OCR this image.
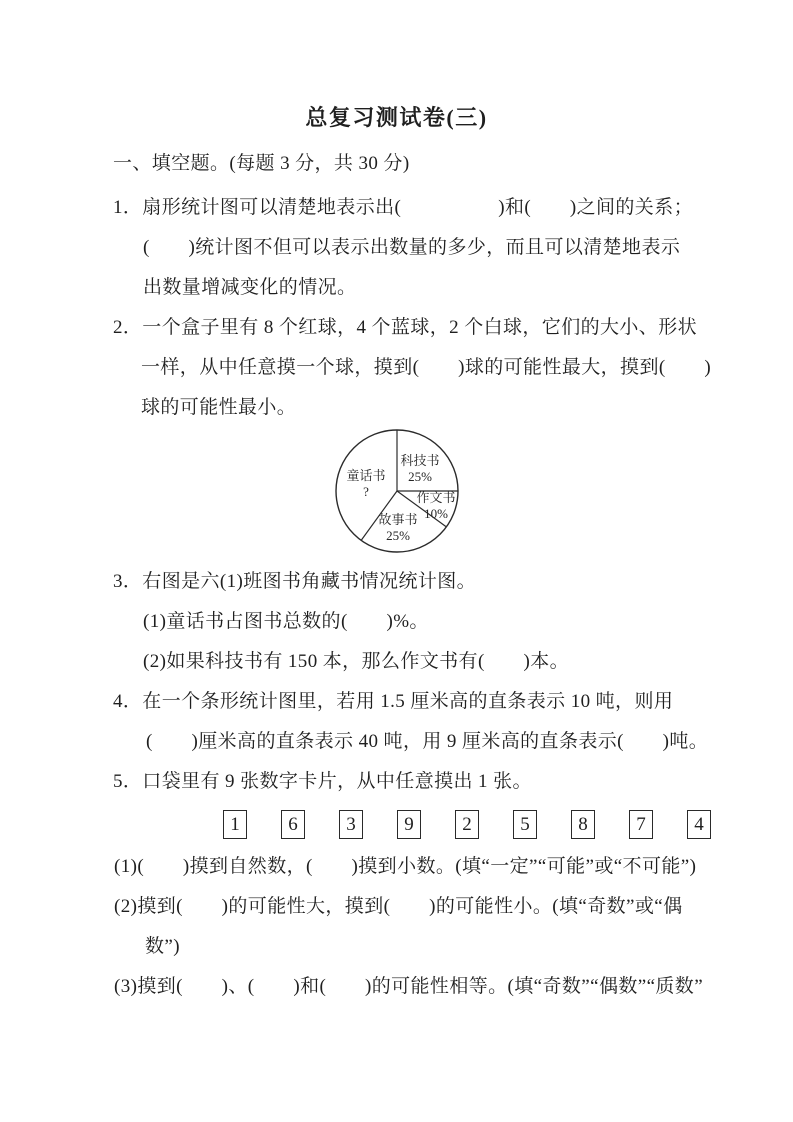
总复习测试卷(三)
一、填空题。(每题 3 分，共 30 分)
1．扇形统计图可以清楚地表示出(　　　　　)和(　　)之间的关系；
(　　)统计图不但可以表示出数量的多少，而且可以清楚地表示
出数量增减变化的情况。
2．一个盒子里有 8 个红球，4 个蓝球，2 个白球，它们的大小、形状
一样，从中任意摸一个球，摸到(　　)球的可能性最大，摸到(　　)
球的可能性最小。
科技书
25%
作文书
10%
故事书
25%
童话书
?
3．右图是六(1)班图书角藏书情况统计图。
(1)童话书占图书总数的(　　)%。
(2)如果科技书有 150 本，那么作文书有(　　)本。
4．在一个条形统计图里，若用 1.5 厘米高的直条表示 10 吨，则用
(　　)厘米高的直条表示 40 吨，用 9 厘米高的直条表示(　　)吨。
5．口袋里有 9 张数字卡片，从中任意摸出 1 张。
1	6	3	9	2	5	8	7	4
(1)(　　)摸到自然数，(　　)摸到小数。(填“一定”“可能”或“不可能”)
(2)摸到(　　)的可能性大，摸到(　　)的可能性小。(填“奇数”或“偶
数”)
(3)摸到(　　)、(　　)和(　　)的可能性相等。(填“奇数”“偶数”“质数”
